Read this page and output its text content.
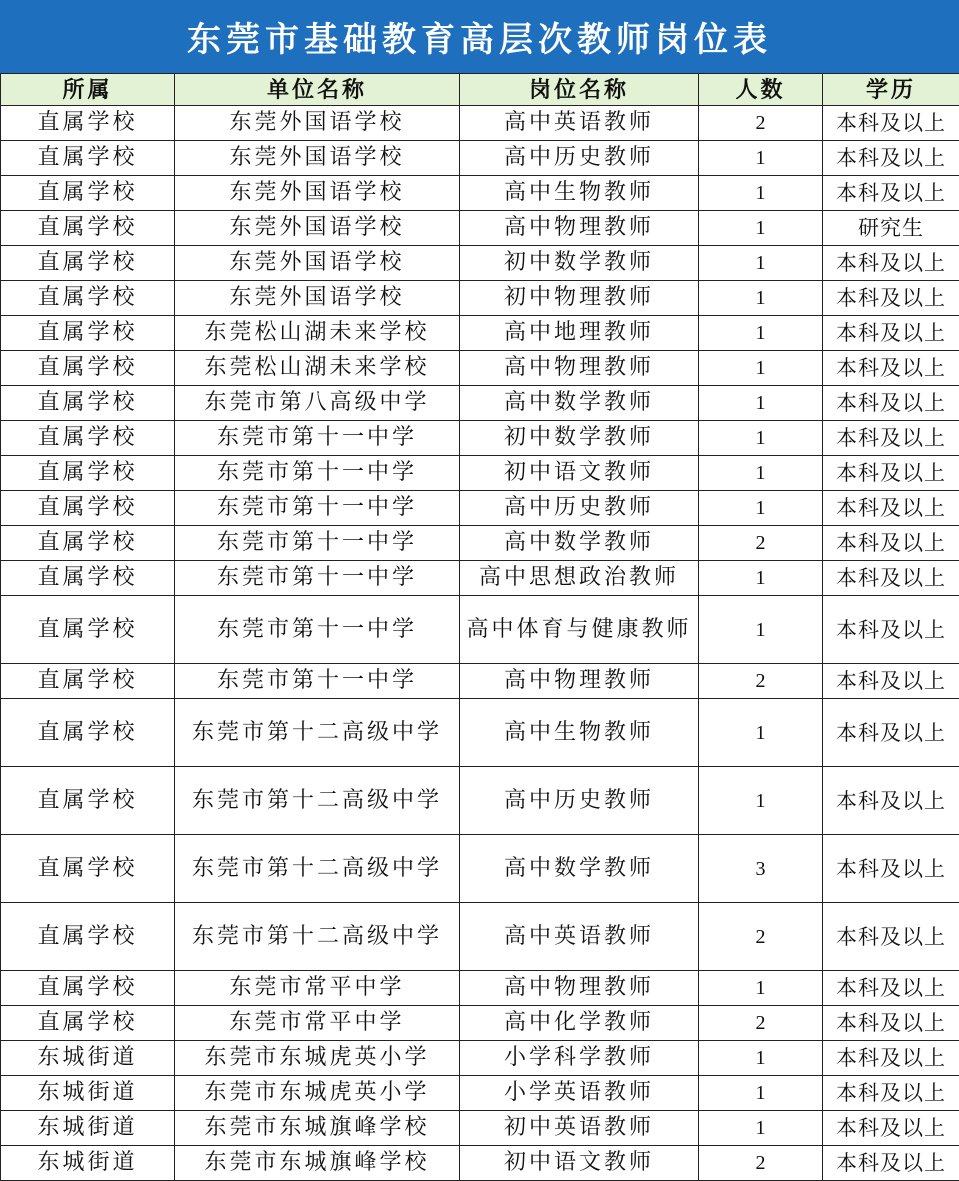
东莞市基础教育高层次教师岗位表
所属	单位名称	岗位名称	人数	学历
直属学校	东莞外国语学校	高中英语教师	2	本科及以上
直属学校	东莞外国语学校	高中历史教师	1	本科及以上
直属学校	东莞外国语学校	高中生物教师	1	本科及以上
直属学校	东莞外国语学校	高中物理教师	1	研究生
直属学校	东莞外国语学校	初中数学教师	1	本科及以上
直属学校	东莞外国语学校	初中物理教师	1	本科及以上
直属学校	东莞松山湖未来学校	高中地理教师	1	本科及以上
直属学校	东莞松山湖未来学校	高中物理教师	1	本科及以上
直属学校	东莞市第八高级中学	高中数学教师	1	本科及以上
直属学校	东莞市第十一中学	初中数学教师	1	本科及以上
直属学校	东莞市第十一中学	初中语文教师	1	本科及以上
直属学校	东莞市第十一中学	高中历史教师	1	本科及以上
直属学校	东莞市第十一中学	高中数学教师	2	本科及以上
直属学校	东莞市第十一中学	高中思想政治教师	1	本科及以上
直属学校	东莞市第十一中学	高中体育与健康教师	1	本科及以上
直属学校	东莞市第十一中学	高中物理教师	2	本科及以上
直属学校	东莞市第十二高级中学	高中生物教师	1	本科及以上
直属学校	东莞市第十二高级中学	高中历史教师	1	本科及以上
直属学校	东莞市第十二高级中学	高中数学教师	3	本科及以上
直属学校	东莞市第十二高级中学	高中英语教师	2	本科及以上
直属学校	东莞市常平中学	高中物理教师	1	本科及以上
直属学校	东莞市常平中学	高中化学教师	2	本科及以上
东城街道	东莞市东城虎英小学	小学科学教师	1	本科及以上
东城街道	东莞市东城虎英小学	小学英语教师	1	本科及以上
东城街道	东莞市东城旗峰学校	初中英语教师	1	本科及以上
东城街道	东莞市东城旗峰学校	初中语文教师	2	本科及以上
